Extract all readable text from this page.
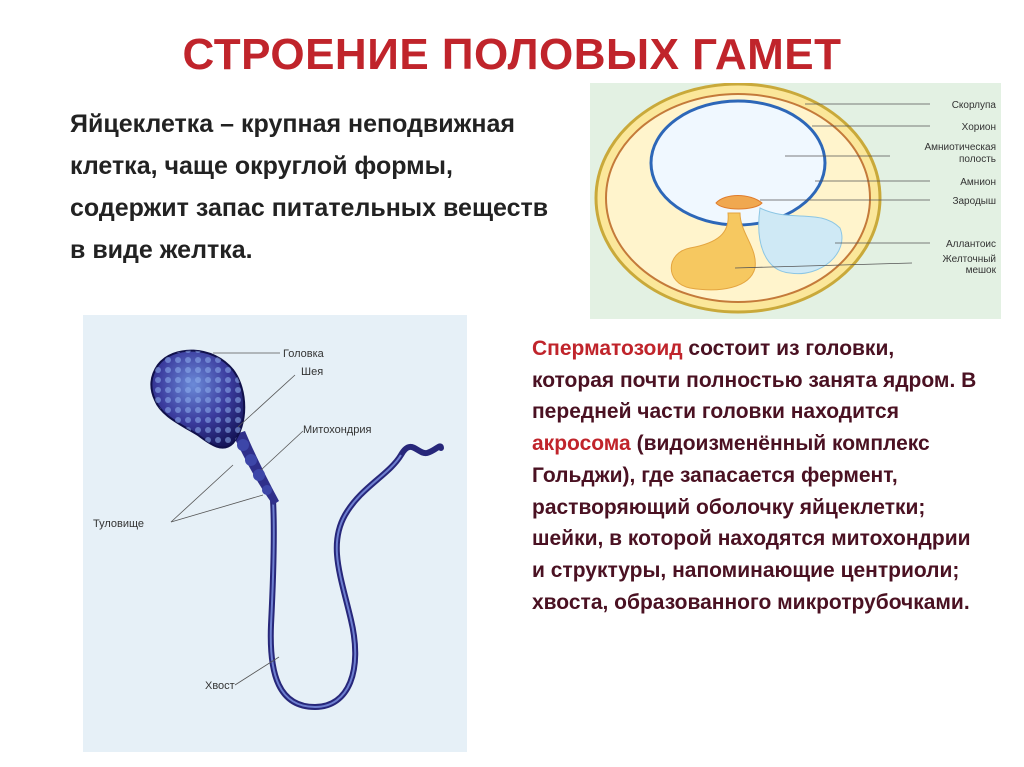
СТРОЕНИЕ ПОЛОВЫХ ГАМЕТ
Яйцеклетка – крупная неподвижная клетка, чаще округлой формы, содержит запас питательных веществ в виде желтка.
Скорлупа
Хорион
Амниотическая
полость
Амнион
Зародыш
Аллантоис
Желточный
мешок
Головка
Шея
Митохондрия
Туловище
Хвост
Сперматозоид состоит из головки, которая почти полностью занята ядром. В передней части головки находится акросома (видоизменённый комплекс Гольджи), где запасается фермент, растворяющий оболочку яйцеклетки; шейки, в которой находятся митохондрии и структуры, напоминающие центриоли; хвоста, образованного микротрубочками.
